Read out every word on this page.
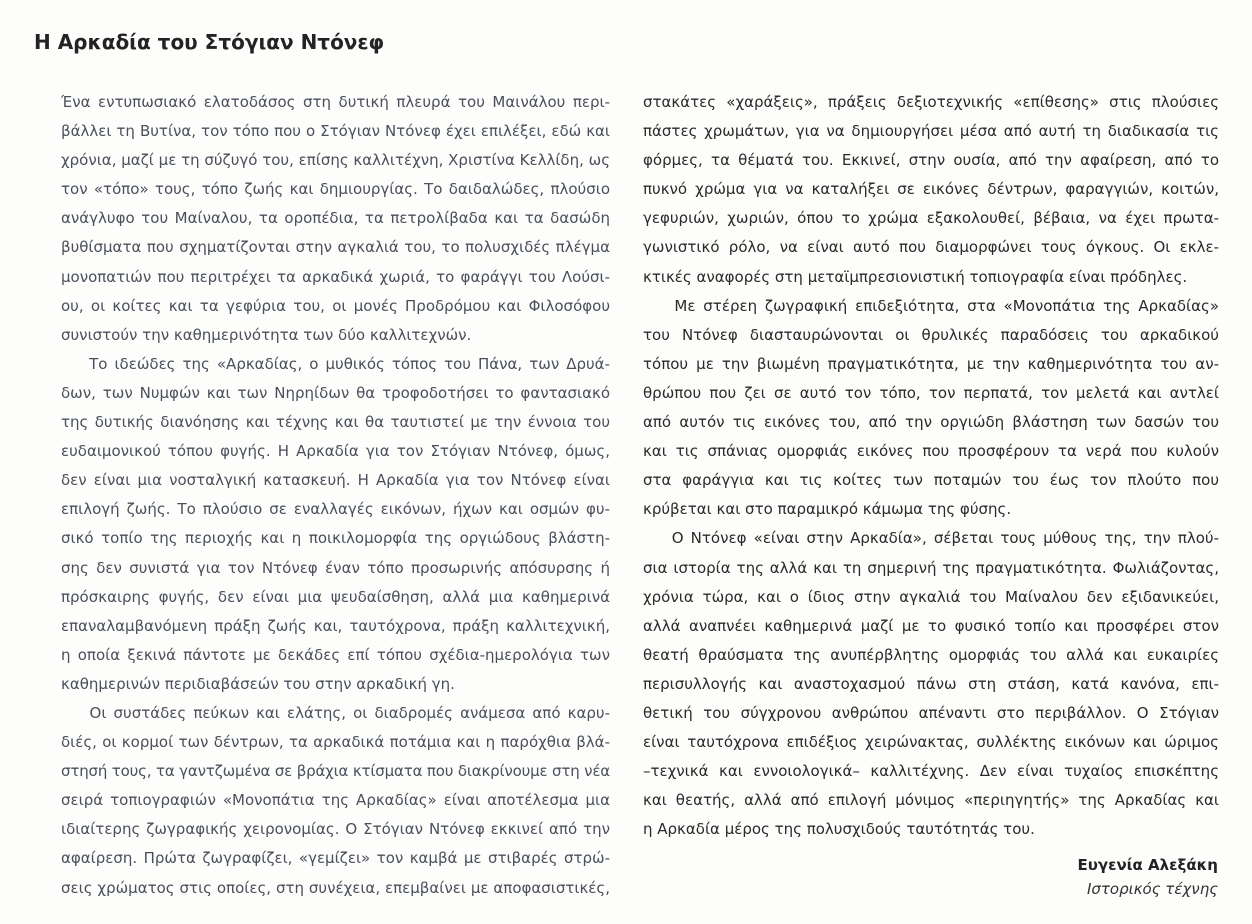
Η Αρκαδία του Στόγιαν Ντόνεφ
Ένα εντυπωσιακό ελατοδάσος στη δυτική πλευρά του Μαινάλου περι-
βάλλει τη Βυτίνα, τον τόπο που ο Στόγιαν Ντόνεφ έχει επιλέξει, εδώ και
χρόνια, μαζί με τη σύζυγό του, επίσης καλλιτέχνη, Χριστίνα Κελλίδη, ως
τον «τόπο» τους, τόπο ζωής και δημιουργίας. Το δαιδαλώδες, πλούσιο
ανάγλυφο του Μαίναλου, τα οροπέδια, τα πετρολίβαδα και τα δασώδη
βυθίσματα που σχηματίζονται στην αγκαλιά του, το πολυσχιδές πλέγμα
μονοπατιών που περιτρέχει τα αρκαδικά χωριά, το φαράγγι του Λούσι-
ου, οι κοίτες και τα γεφύρια του, οι μονές Προδρόμου και Φιλοσόφου
συνιστούν την καθημερινότητα των δύο καλλιτεχνών.
Το ιδεώδες της «Αρκαδίας, ο μυθικός τόπος του Πάνα, των Δρυά-
δων, των Νυμφών και των Νηρηίδων θα τροφοδοτήσει το φαντασιακό
της δυτικής διανόησης και τέχνης και θα ταυτιστεί με την έννοια του
ευδαιμονικού τόπου φυγής. Η Αρκαδία για τον Στόγιαν Ντόνεφ, όμως,
δεν είναι μια νοσταλγική κατασκευή. Η Αρκαδία για τον Ντόνεφ είναι
επιλογή ζωής. Το πλούσιο σε εναλλαγές εικόνων, ήχων και οσμών φυ-
σικό τοπίο της περιοχής και η ποικιλομορφία της οργιώδους βλάστη-
σης δεν συνιστά για τον Ντόνεφ έναν τόπο προσωρινής απόσυρσης ή
πρόσκαιρης φυγής, δεν είναι μια ψευδαίσθηση, αλλά μια καθημερινά
επαναλαμβανόμενη πράξη ζωής και, ταυτόχρονα, πράξη καλλιτεχνική,
η οποία ξεκινά πάντοτε με δεκάδες επί τόπου σχέδια-ημερολόγια των
καθημερινών περιδιαβάσεών του στην αρκαδική γη.
Οι συστάδες πεύκων και ελάτης, οι διαδρομές ανάμεσα από καρυ-
διές, οι κορμοί των δέντρων, τα αρκαδικά ποτάμια και η παρόχθια βλά-
στησή τους, τα γαντζωμένα σε βράχια κτίσματα που διακρίνουμε στη νέα
σειρά τοπιογραφιών «Μονοπάτια της Αρκαδίας» είναι αποτέλεσμα μια
ιδιαίτερης ζωγραφικής χειρονομίας. Ο Στόγιαν Ντόνεφ εκκινεί από την
αφαίρεση. Πρώτα ζωγραφίζει, «γεμίζει» τον καμβά με στιβαρές στρώ-
σεις χρώματος στις οποίες, στη συνέχεια, επεμβαίνει με αποφασιστικές,
στακάτες «χαράξεις», πράξεις δεξιοτεχνικής «επίθεσης» στις πλούσιες
πάστες χρωμάτων, για να δημιουργήσει μέσα από αυτή τη διαδικασία τις
φόρμες, τα θέματά του. Εκκινεί, στην ουσία, από την αφαίρεση, από το
πυκνό χρώμα για να καταλήξει σε εικόνες δέντρων, φαραγγιών, κοιτών,
γεφυριών, χωριών, όπου το χρώμα εξακολουθεί, βέβαια, να έχει πρωτα-
γωνιστικό ρόλο, να είναι αυτό που διαμορφώνει τους όγκους. Οι εκλε-
κτικές αναφορές στη μεταϊμπρεσιονιστική τοπιογραφία είναι πρόδηλες.
Με στέρεη ζωγραφική επιδεξιότητα, στα «Μονοπάτια της Αρκαδίας»
του Ντόνεφ διασταυρώνονται οι θρυλικές παραδόσεις του αρκαδικού
τόπου με την βιωμένη πραγματικότητα, με την καθημερινότητα του αν-
θρώπου που ζει σε αυτό τον τόπο, τον περπατά, τον μελετά και αντλεί
από αυτόν τις εικόνες του, από την οργιώδη βλάστηση των δασών του
και τις σπάνιας ομορφιάς εικόνες που προσφέρουν τα νερά που κυλούν
στα φαράγγια και τις κοίτες των ποταμών του έως τον πλούτο που
κρύβεται και στο παραμικρό κάμωμα της φύσης.
Ο Ντόνεφ «είναι στην Αρκαδία», σέβεται τους μύθους της, την πλού-
σια ιστορία της αλλά και τη σημερινή της πραγματικότητα. Φωλιάζοντας,
χρόνια τώρα, και ο ίδιος στην αγκαλιά του Μαίναλου δεν εξιδανικεύει,
αλλά αναπνέει καθημερινά μαζί με το φυσικό τοπίο και προσφέρει στον
θεατή θραύσματα της ανυπέρβλητης ομορφιάς του αλλά και ευκαιρίες
περισυλλογής και αναστοχασμού πάνω στη στάση, κατά κανόνα, επι-
θετική του σύγχρονου ανθρώπου απέναντι στο περιβάλλον. Ο Στόγιαν
είναι ταυτόχρονα επιδέξιος χειρώνακτας, συλλέκτης εικόνων και ώριμος
–τεχνικά και εννοιολογικά– καλλιτέχνης. Δεν είναι τυχαίος επισκέπτης
και θεατής, αλλά από επιλογή μόνιμος «περιηγητής» της Αρκαδίας και
η Αρκαδία μέρος της πολυσχιδούς ταυτότητάς του.
Ευγενία Αλεξάκη
Ιστορικός τέχνης
